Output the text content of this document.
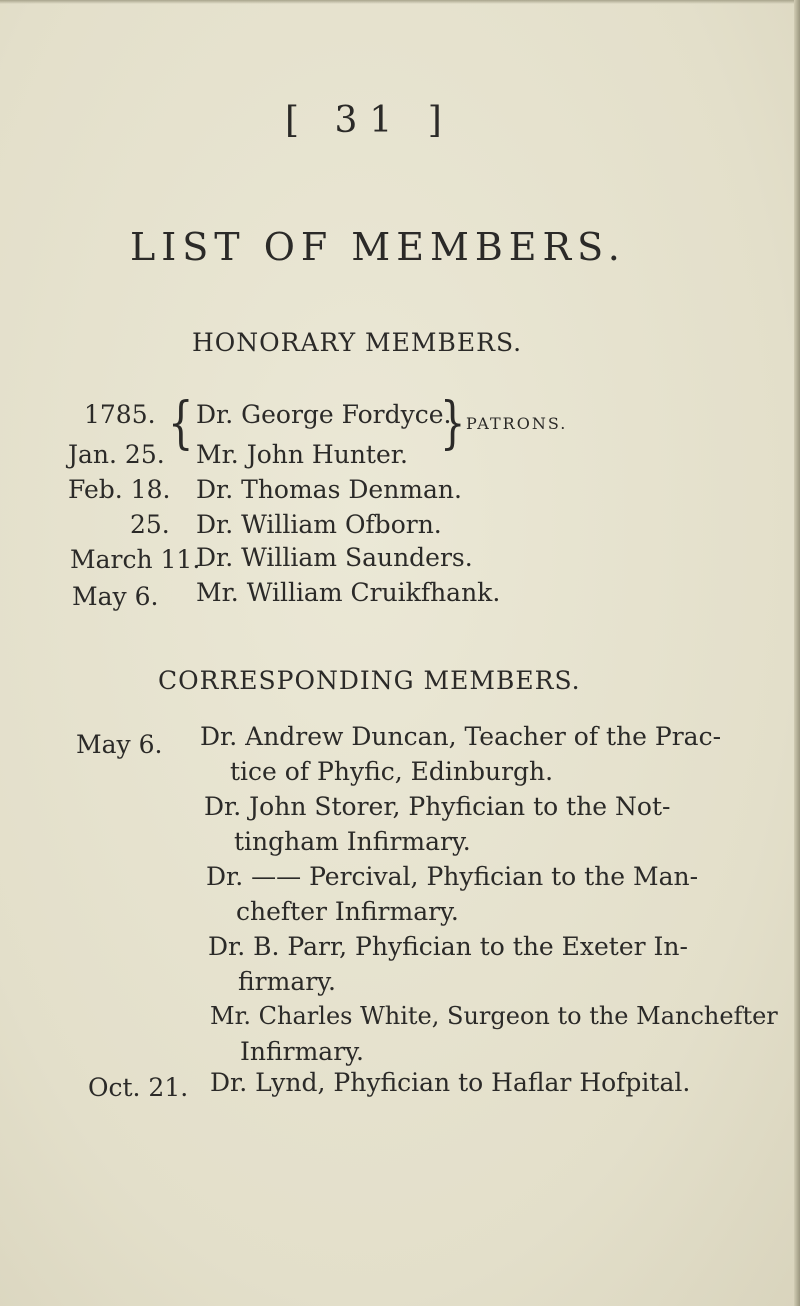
[ 31 ]
LIST OF MEMBERS.
HONORARY MEMBERS.
1785. { Dr. George Fordyce.
} PATRONS.
Jan. 25. Mr. John Hunter.
Feb. 18. Dr. Thomas Denman.
25. Dr. William Ofborn.
March 11.
Dr. William Saunders.
May 6. Mr. William Cruikfhank.
CORRESPONDING MEMBERS.
May 6. Dr. Andrew Duncan, Teacher of the Prac-
tice of Phyfic, Edinburgh.
Dr. John Storer, Phyfician to the Not-
tingham Infirmary.
Dr. —— Percival, Phyfician to the Man-
chefter Infirmary.
Dr. B. Parr, Phyfician to the Exeter In-
firmary.
Mr. Charles White, Surgeon to the Manchefter
Infirmary.
Oct. 21. Dr. Lynd, Phyfician to Haflar Hofpital.
